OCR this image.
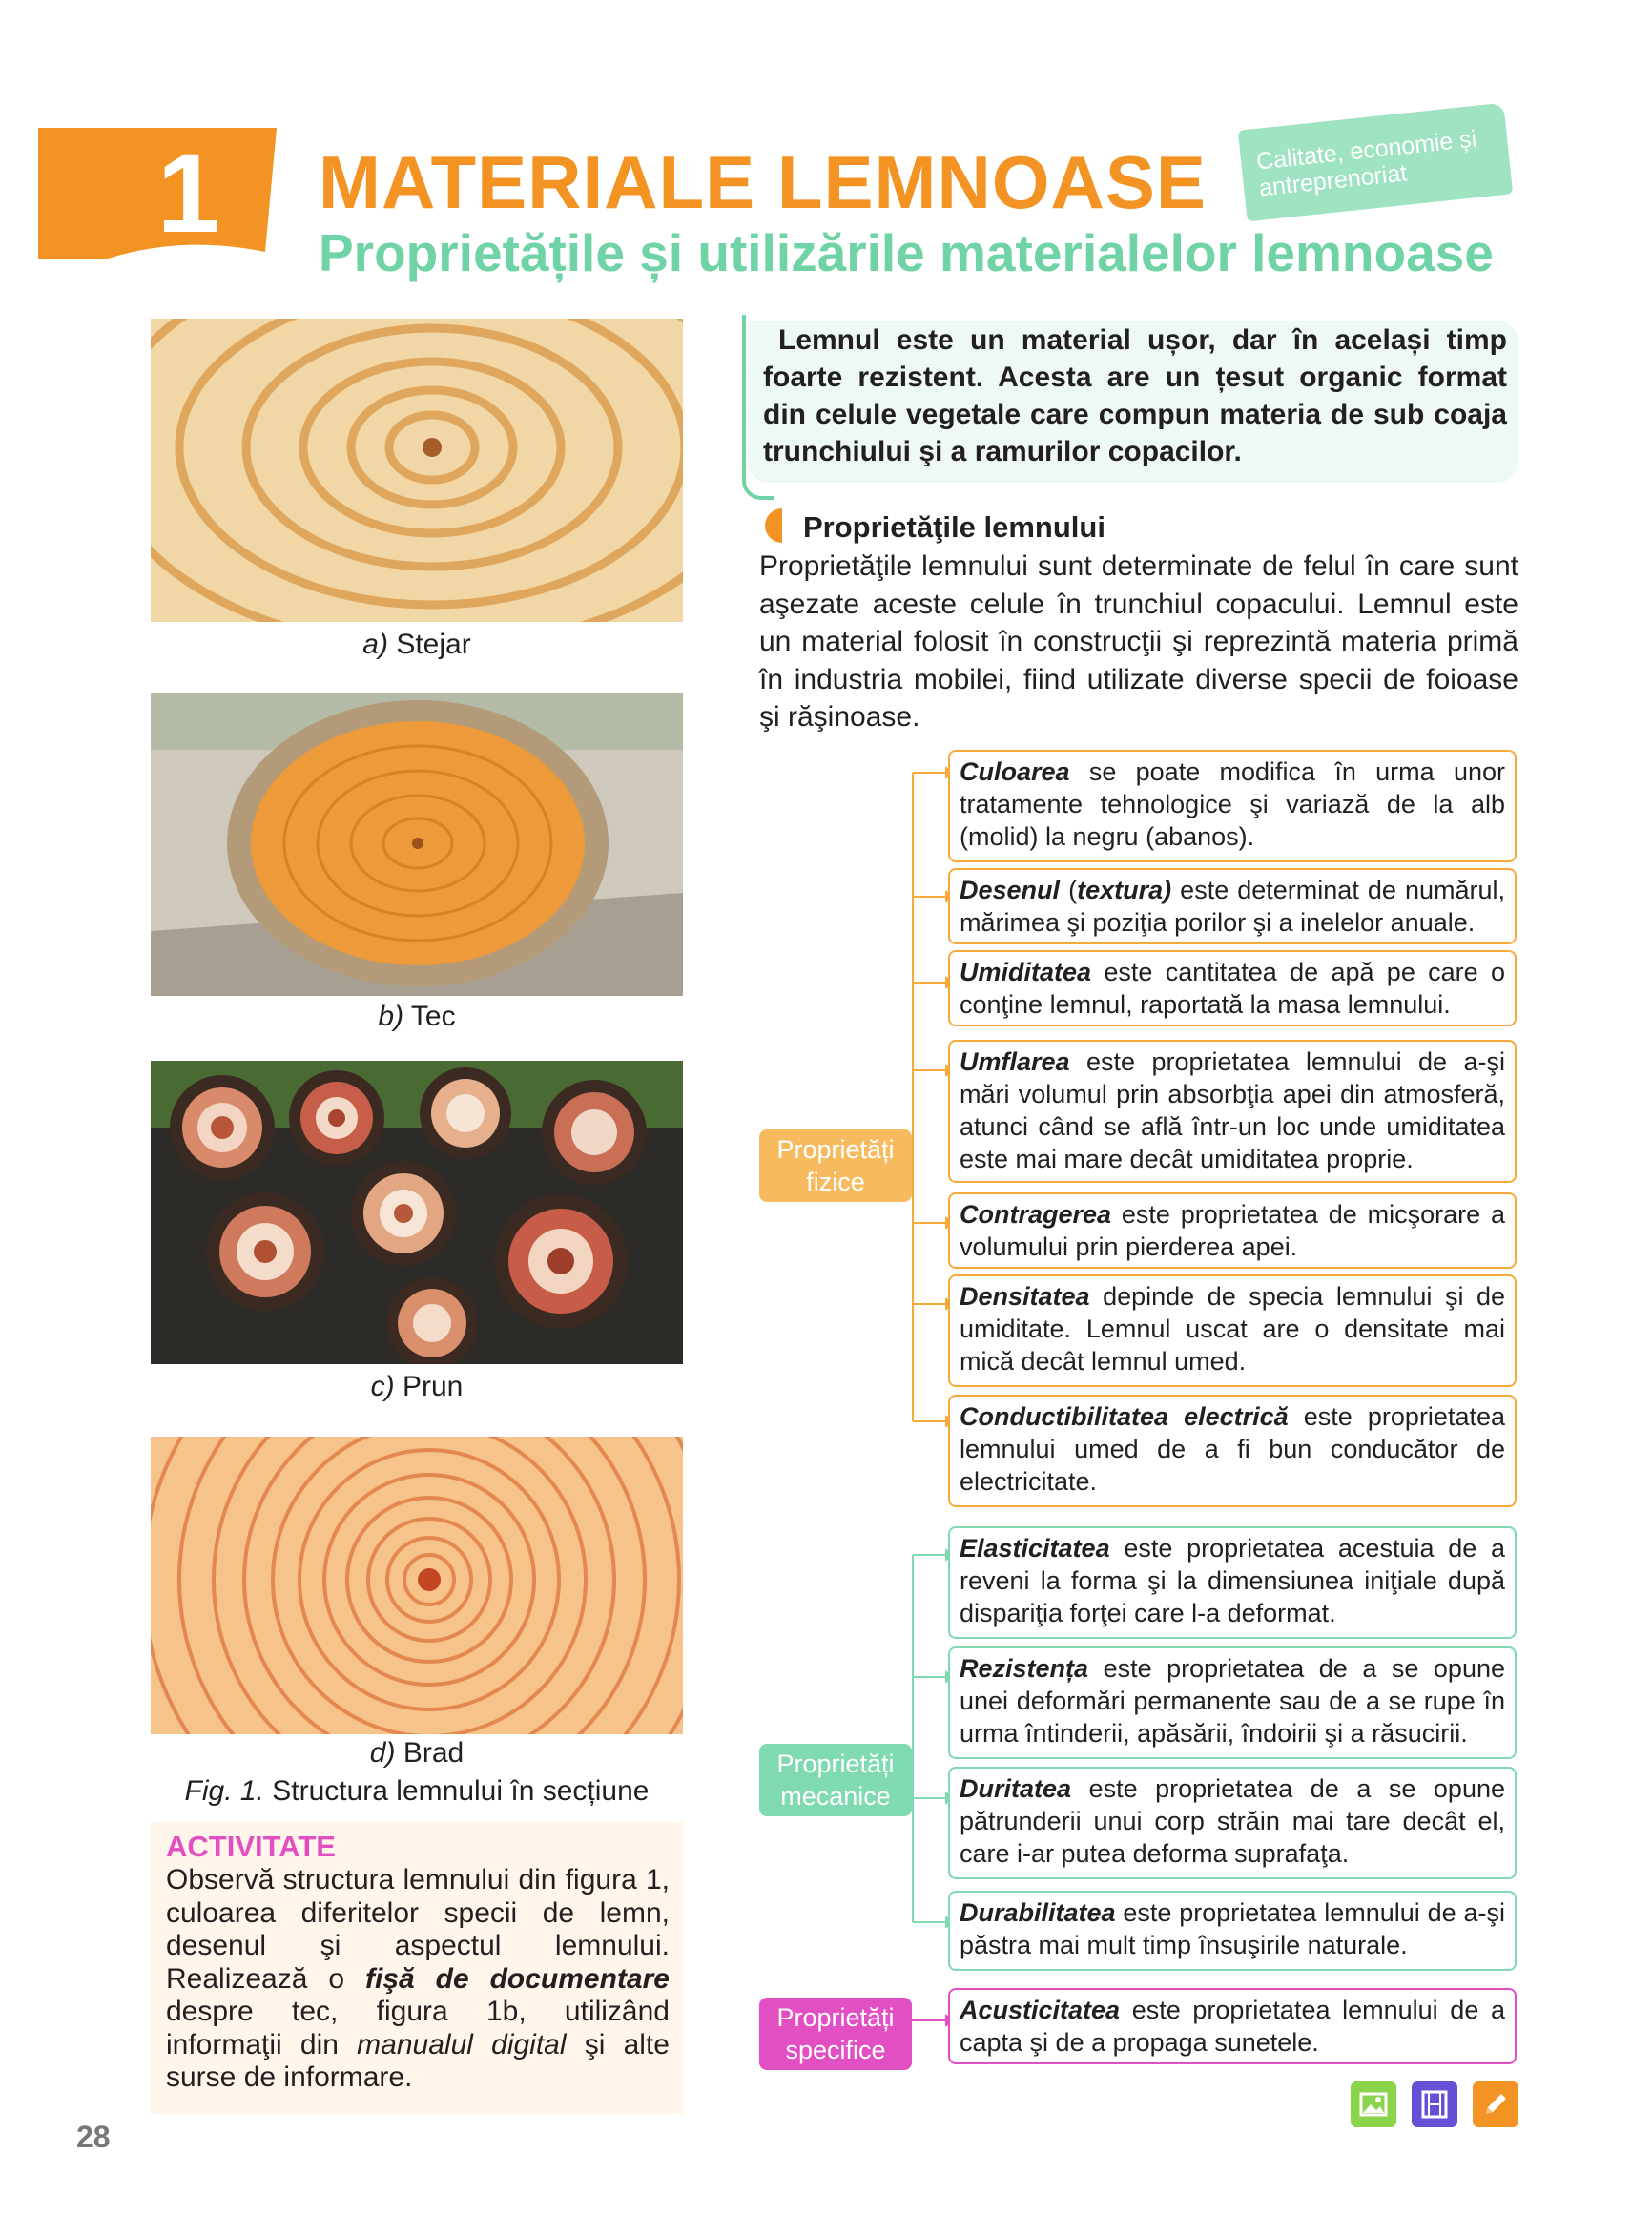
1 MATERIALE LEMNOASE
Proprietățile și utilizările materialelor lemnoase
Calitate, economie și antreprenoriat
a) Stejar
b) Tec
c) Prun
d) Brad
Fig. 1. Structura lemnului în secțiune
Lemnul este un material ușor, dar în același timp
foarte rezistent. Acesta are un țesut organic format
din celule vegetale care compun materia de sub coaja
trunchiului şi a ramurilor copacilor.
Proprietăţile lemnului
Proprietăţile lemnului sunt determinate de felul în care sunt aşezate aceste celule în trunchiul copacului. Lemnul este un material folosit în construcţii şi reprezintă materia primă în industria mobilei, fiind utilizate diverse specii de foioase şi răşinoase.
Proprietăți fizice
Proprietăți mecanice
Proprietăți specifice
Culoarea se poate modifica în urma unor tratamente tehnologice şi variază de la alb (molid) la negru (abanos).
Desenul (textura) este determinat de numărul, mărimea şi poziţia porilor şi a inelelor anuale.
Umiditatea este cantitatea de apă pe care o conţine lemnul, raportată la masa lemnului.
Umflarea este proprietatea lemnului de a-şi mări volumul prin absorbţia apei din atmosferă, atunci când se află într-un loc unde umiditatea este mai mare decât umiditatea proprie.
Contragerea este proprietatea de micşorare a volumului prin pierderea apei.
Densitatea depinde de specia lemnului şi de umiditate. Lemnul uscat are o densitate mai mică decât lemnul umed.
Conductibilitatea electrică este proprietatea lemnului umed de a fi bun conducător de electricitate.
Elasticitatea este proprietatea acestuia de a reveni la forma şi la dimensiunea iniţiale după dispariţia forţei care l-a deformat.
Rezistența este proprietatea de a se opune unei deformări permanente sau de a se rupe în urma întinderii, apăsării, îndoirii şi a răsucirii.
Duritatea este proprietatea de a se opune pătrunderii unui corp străin mai tare decât el, care i-ar putea deforma suprafaţa.
Durabilitatea este proprietatea lemnului de a-şi păstra mai mult timp însuşirile naturale.
Acusticitatea este proprietatea lemnului de a capta şi de a propaga sunetele.
ACTIVITATE
Observă structura lemnului din figura 1, culoarea diferitelor specii de lemn, desenul şi aspectul lemnului. Realizează o fişă de documentare despre tec, figura 1b, utilizând informaţii din manualul digital şi alte surse de informare.
28
